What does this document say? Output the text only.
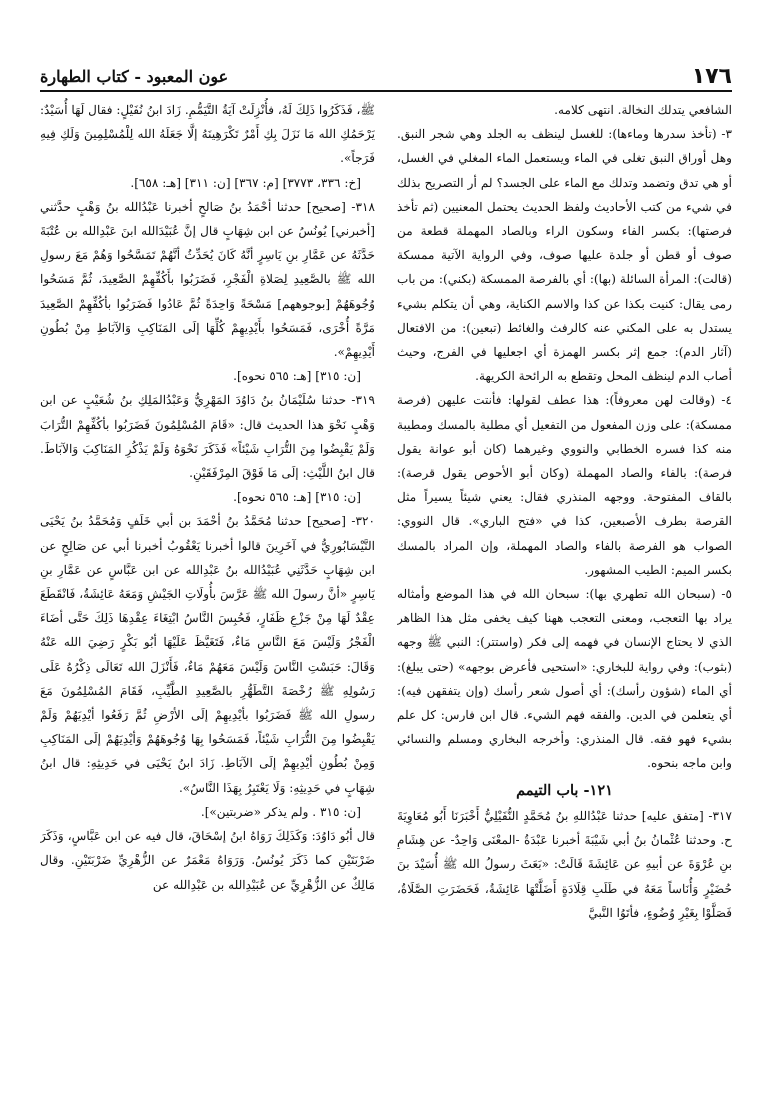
عون المعبود - كتاب الطهارة	١٧٦

ﷺ، فَذَكَرُوا ذَلِكَ لَهُ، فأُنْزِلَتْ آيَةُ التَّيَمُّمِ. زَادَ ابنُ نُفَيْلٍ: فقال لَهَا أُسَيْدٌ: يَرْحَمُكِ الله مَا نَزَلَ بِكِ أَمْرٌ تَكْرَهِينَهُ إلَّا جَعَلَهُ الله لِلْمُسْلِمِينَ وَلَكِ فِيهِ فَرَجاً».

[خ: ٣٣٦، ٣٧٧٣] [م: ٣٦٧] [ن: ٣١١] [هـ: ٦٥٨].

٣١٨- [صحيح] حدثنا أحْمَدُ بنُ صَالحٍ أخبرنا عَبْدُالله بنُ وَهْبٍ حدَّثني [أخبرني] يُونُسُ عن ابن شِهَابٍ قال إنَّ عُبَيْدَالله ابنَ عَبْدِالله بن عُتْبَةَ حَدَّثَهُ عن عَمَّارِ بنِ يَاسِرٍ أنَّهُ كَانَ يُحَدِّثُ أنَّهُمْ تَمَسَّحُوا وَهُمْ مَعَ رسولِ الله ﷺ بالصَّعِيدِ لِصَلاةِ الْفَجْرِ، فَضَرَبُوا بأَكُفِّهِمْ الصَّعِيدَ، ثُمَّ مَسَحُوا وُجُوهَهُمْ [بوجوههم] مَسْحَةً وَاحِدَةً ثُمَّ عَادُوا فَضَرَبُوا بأكُفِّهِمْ الصَّعِيدَ مَرَّةً أُخْرَى، فَمَسَحُوا بأَيْدِيهِمْ كُلِّهَا إلَى المَنَاكِبِ وَالآبَاطِ مِنْ بُطُونِ أَيْدِيهِمْ».

[ن: ٣١٥] [هـ: ٥٦٥ نحوه].

٣١٩- حدثنا سُلَيْمَانُ بنُ دَاوُدَ المَهْرِيُّ وَعَبْدُالمَلِكِ بنُ شُعَيْبٍ عن ابن وَهْبٍ نَحْوَ هذا الحديث قال: «قَامَ المُسْلِمُونَ فَضَرَبُوا بأكُفِّهِمْ التُّرَابَ وَلَمْ يَقْبِضُوا مِنَ التُّرَابِ شَيْئاً» فَذَكَرَ نَحْوَهُ وَلَمْ يَذْكُرِ المَنَاكِبَ وَالآبَاطَ. قال ابنُ اللَّيْثِ: إلَى مَا فَوْقَ المِرْفَقَيْنِ.

[ن: ٣١٥] [هـ: ٥٦٥ نحوه].

٣٢٠- [صحيح] حدثنا مُحَمَّدُ بنُ أحْمَدَ بن أبي خَلَفٍ وَمُحَمَّدُ بنُ يَحْيَى النَّيْسَابُورِيُّ في آخَرِينَ قالوا أخبرنا يَعْقُوبُ أخبرنا أبي عن صَالِحٍ عن ابن شِهَابٍ حَدَّثَنِي عُبَيْدُالله بنُ عَبْدِالله عن ابن عَبَّاسٍ عن عَمَّارِ بنِ يَاسِرٍ «أنَّ رسولَ الله ﷺ عَرَّسَ بأُولَاتِ الجَيْشِ وَمَعَهُ عَائِشَةُ، فَانْقَطَعَ عِقْدٌ لَهَا مِنْ جَزْعِ ظَفَارٍ، فَحُبِسَ النَّاسُ ابْتِغَاءَ عِقْدِهَا ذَلِكَ حَتَّى أضَاءَ الْفَجْرُ وَلَيْسَ مَعَ النَّاسِ مَاءٌ، فَتَغَيَّظَ عَلَيْهَا أبُو بَكْرٍ رَضِيَ الله عَنْهُ وَقَالَ: حَبَسْتِ النَّاسَ وَلَيْسَ مَعَهُمْ مَاءٌ، فَأَنْزَلَ الله تَعَالَى ذِكْرُهُ عَلَى رَسُولِهِ ﷺ رُخْصَةَ التَّطَهُّرِ بالصَّعِيدِ الطَّيِّبِ، فَقَامَ المُسْلِمُونَ مَعَ رسولِ الله ﷺ فَضَرَبُوا بأيْدِيهِمْ إلَى الأرْضِ ثُمَّ رَفَعُوا أيْدِيَهُمْ وَلَمْ يَقْبِضُوا مِنَ التُّرَابِ شَيْئاً، فَمَسَحُوا بِهَا وُجُوهَهُمْ وَأيْدِيَهُمْ إلَى المَنَاكِبِ وَمِنْ بُطُونِ أيْدِيهِمْ إلَى الآبَاطِ. زَادَ ابنُ يَحْيَى في حَدِيثِهِ: قال ابنُ شِهَابٍ في حَدِيثِهِ: وَلَا يَعْتَبِرُ بِهَذَا النَّاسُ».

[ن: ٣١٥ . ولم يذكر «ضربتين»].

قال أبُو دَاوُدَ: وَكَذَلِكَ رَوَاهُ ابنُ إسْحَاقَ، قال فيه عن ابن عَبَّاسٍ، وَذَكَرَ ضَرْبَتَيْنِ كما ذَكَرَ يُونُسُ. وَرَوَاهُ مَعْمَرٌ عن الزُّهْرِيِّ ضَرْبَتَيْنِ. وقال مَالِكٌ عن الزُّهْرِيِّ عن عُبَيْدِالله بن عَبْدِالله عن

الشافعي يتدلك النخالة. انتهى كلامه.

٣- (تأخذ سدرها وماءها): للغسل لينظف به الجلد وهي شجر النبق. وهل أوراق النبق تغلى في الماء ويستعمل الماء المغلي في الغسل، أو هي تدق وتضمد وتدلك مع الماء على الجسد؟ لم أر التصريح بذلك في شيء من كتب الأحاديث ولفظ الحديث يحتمل المعنيين (ثم تأخذ فرصتها): بكسر الفاء وسكون الراء وبالصاد المهملة قطعة من صوف أو قطن أو جلدة عليها صوف، وفي الرواية الآتية ممسكة (قالت): المرأة السائلة (بها): أي بالفرصة الممسكة (بكني): من باب رمى يقال: كنيت بكذا عن كذا والاسم الكناية، وهي أن يتكلم بشيء يستدل به على المكني عنه كالرفث والغائط (تبعين): من الافتعال (آثار الدم): جمع إثر بكسر الهمزة أي اجعليها في الفرج، وحيث أصاب الدم لينظف المحل وتقطع به الرائحة الكريهة.

٤- (وقالت لهن معروفاً): هذا عطف لقولها: فأنتت عليهن (فرصة ممسكة): على وزن المفعول من التفعيل أي مطلية بالمسك ومطيبة منه كذا فسره الخطابي والنووي وغيرهما (كان أبو عوانة يقول فرصة): بالفاء والصاد المهملة (وكان أبو الأحوص يقول قرصة): بالقاف المفتوحة. ووجهه المنذري فقال: يعني شيئاً يسيراً مثل القرصة بطرف الأصبعين، كذا في «فتح الباري». قال النووي: الصواب هو الفرصة بالفاء والصاد المهملة، وإن المراد بالمسك بكسر الميم: الطيب المشهور.

٥- (سبحان الله تطهري بها): سبحان الله في هذا الموضع وأمثاله يراد بها التعجب، ومعنى التعجب ههنا كيف يخفى مثل هذا الظاهر الذي لا يحتاج الإنسان في فهمه إلى فكر (واستتر): النبي ﷺ وجهه (بثوب): وفي رواية للبخاري: «استحيى فأعرض بوجهه» (حتى يبلغ): أي الماء (شؤون رأسك): أي أصول شعر رأسك (وإن يتفقهن فيه): أي يتعلمن في الدين. والفقه فهم الشيء. قال ابن فارس: كل علم بشيء فهو فقه. قال المنذري: وأخرجه البخاري ومسلم والنسائي وابن ماجه بنحوه.

١٢١- باب التيمم

٣١٧- [متفق عليه] حدثنا عَبْدُاللهِ بنُ مُحَمَّدٍ النُّفَيْلِيُّ أَخْبَرَنَا أَبُو مُعَاوِيَةَ ح. وحدثنا عُثْمانُ بنُ أبي شَيْبَةَ أخبرنا عَبْدَةُ -المعْنَى وَاحِدٌ- عن هِشَامِ بنِ عُرْوَةَ عن أبيهِ عن عَائِشَةَ قَالَتْ: «بَعَثَ رسولُ الله ﷺ أُسَيْدَ بنَ حُضَيْرٍ وَأُنَاساً مَعَهُ في طَلَبِ قِلَادَةٍ أَضَلَّتْهَا عَائِشَةُ، فَحَضَرَتِ الصَّلَاةُ، فَصَلَّوْا بِغَيْرِ وُضُوءٍ، فأتَوُا النَّبيَّ
